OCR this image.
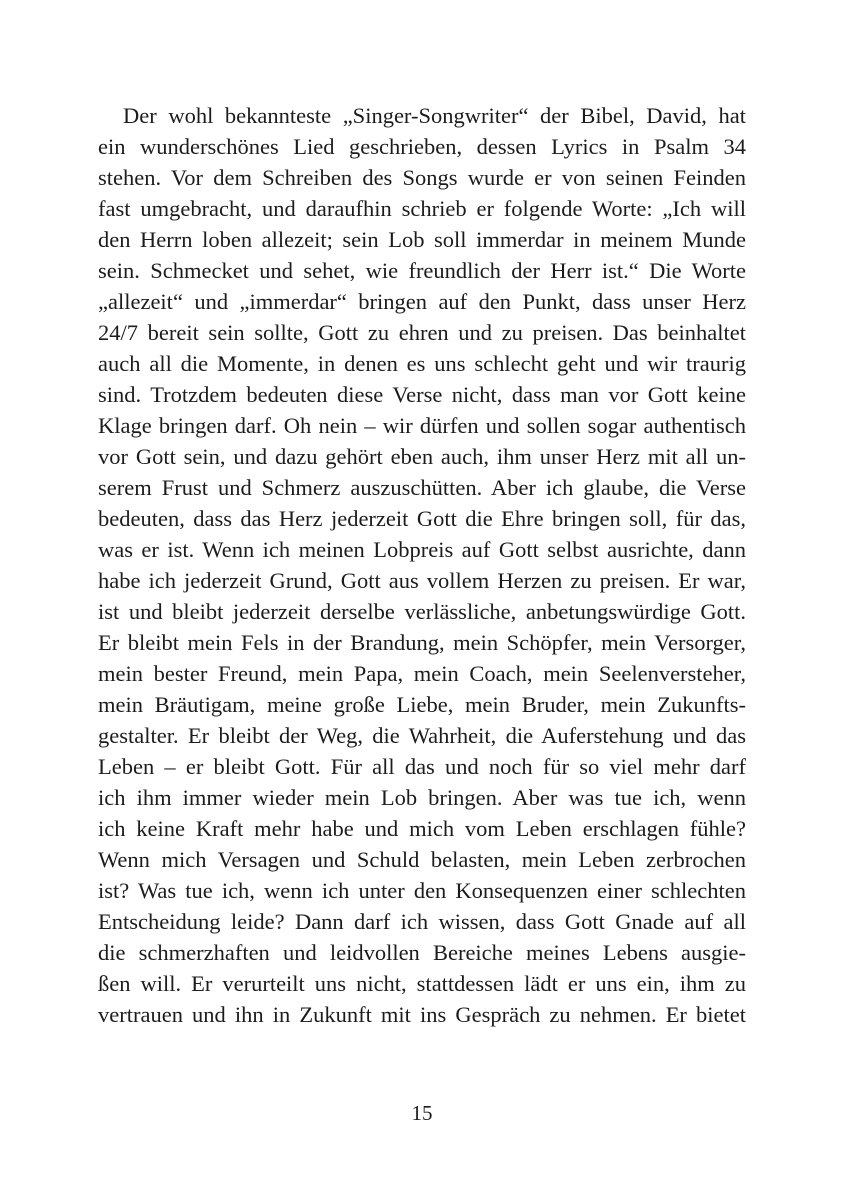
Der wohl bekannteste „Singer-Songwriter“ der Bibel, David, hat
ein wunderschönes Lied geschrieben, dessen Lyrics in Psalm 34
stehen. Vor dem Schreiben des Songs wurde er von seinen Feinden
fast umgebracht, und daraufhin schrieb er folgende Worte: „Ich will
den Herrn loben allezeit; sein Lob soll immerdar in meinem Munde
sein. Schmecket und sehet, wie freundlich der Herr ist.“ Die Worte
„allezeit“ und „immerdar“ bringen auf den Punkt, dass unser Herz
24/7 bereit sein sollte, Gott zu ehren und zu preisen. Das beinhaltet
auch all die Momente, in denen es uns schlecht geht und wir traurig
sind. Trotzdem bedeuten diese Verse nicht, dass man vor Gott keine
Klage bringen darf. Oh nein – wir dürfen und sollen sogar authentisch
vor Gott sein, und dazu gehört eben auch, ihm unser Herz mit all un-
serem Frust und Schmerz auszuschütten. Aber ich glaube, die Verse
bedeuten, dass das Herz jederzeit Gott die Ehre bringen soll, für das,
was er ist. Wenn ich meinen Lobpreis auf Gott selbst ausrichte, dann
habe ich jederzeit Grund, Gott aus vollem Herzen zu preisen. Er war,
ist und bleibt jederzeit derselbe verlässliche, anbetungswürdige Gott.
Er bleibt mein Fels in der Brandung, mein Schöpfer, mein Versorger,
mein bester Freund, mein Papa, mein Coach, mein Seelenversteher,
mein Bräutigam, meine große Liebe, mein Bruder, mein Zukunfts-
gestalter. Er bleibt der Weg, die Wahrheit, die Auferstehung und das
Leben – er bleibt Gott. Für all das und noch für so viel mehr darf
ich ihm immer wieder mein Lob bringen. Aber was tue ich, wenn
ich keine Kraft mehr habe und mich vom Leben erschlagen fühle?
Wenn mich Versagen und Schuld belasten, mein Leben zerbrochen
ist? Was tue ich, wenn ich unter den Konsequenzen einer schlechten
Entscheidung leide? Dann darf ich wissen, dass Gott Gnade auf all
die schmerzhaften und leidvollen Bereiche meines Lebens ausgie-
ßen will. Er verurteilt uns nicht, stattdessen lädt er uns ein, ihm zu
vertrauen und ihn in Zukunft mit ins Gespräch zu nehmen. Er bietet
15
